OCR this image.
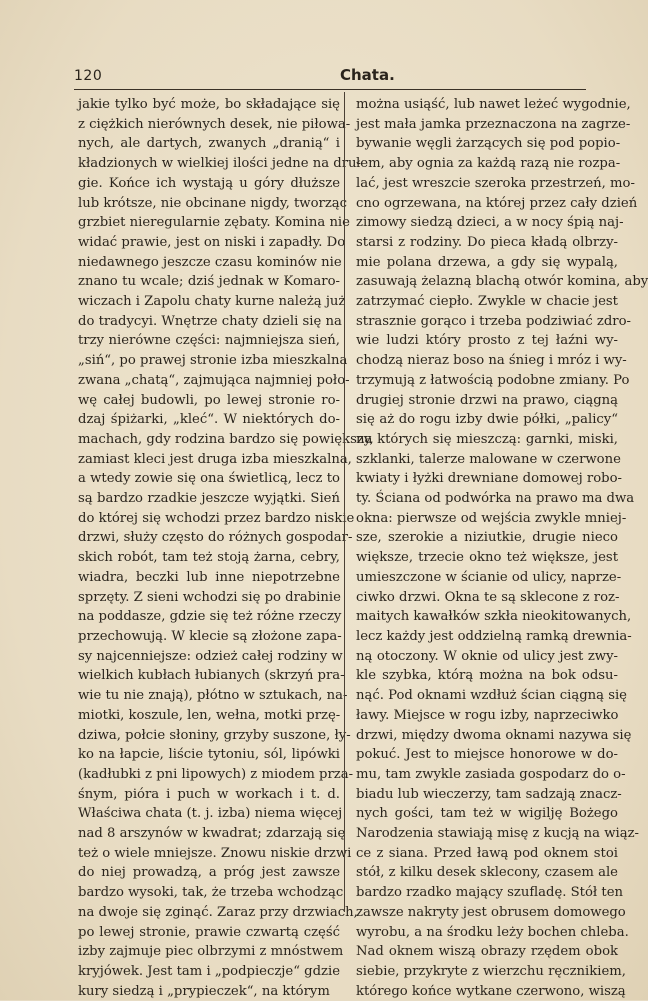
120	Chata.
jakie tylko być może, bo składające się
z ciężkich nierównych desek, nie piłowa-
nych, ale dartych, zwanych „dranią“ i
kładzionych w wielkiej ilości jedne na dru-
gie. Końce ich wystają u góry dłuższe
lub krótsze, nie obcinane nigdy, tworząc
grzbiet nieregularnie zębaty. Komina nie
widać prawie, jest on niski i zapadły. Do
niedawnego jeszcze czasu kominów nie
znano tu wcale; dziś jednak w Komaro-
wiczach i Zapolu chaty kurne należą już
do tradycyi. Wnętrze chaty dzieli się na
trzy nierówne części: najmniejsza sień,
„siń“, po prawej stronie izba mieszkalna
zwana „chatą“, zajmująca najmniej poło-
wę całej budowli, po lewej stronie ro-
dzaj śpiżarki, „kleć“. W niektórych do-
machach, gdy rodzina bardzo się powiększy,
zamiast kleci jest druga izba mieszkalna,
a wtedy zowie się ona świetlicą, lecz to
są bardzo rzadkie jeszcze wyjątki. Sień
do której się wchodzi przez bardzo niskie
drzwi, służy często do różnych gospodar-
skich robót, tam też stoją żarna, cebry,
wiadra, beczki lub inne niepotrzebne
sprzęty. Z sieni wchodzi się po drabinie
na poddasze, gdzie się też różne rzeczy
przechowują. W klecie są złożone zapa-
sy najcenniejsze: odzież całej rodziny w
wielkich kubłach łubianych (skrzyń pra-
wie tu nie znają), płótno w sztukach, na-
miotki, koszule, len, wełna, motki przę-
dziwa, połcie słoniny, grzyby suszone, ły-
ko na łapcie, liście tytoniu, sól, lipówki
(kadłubki z pni lipowych) z miodem prza-
śnym, pióra i puch w workach i t. d.
Właściwa chata (t. j. izba) niema więcej
nad 8 arszynów w kwadrat; zdarzają się
też o wiele mniejsze. Znowu niskie drzwi
do niej prowadzą, a próg jest zawsze
bardzo wysoki, tak, że trzeba wchodząc
na dwoje się zginąć. Zaraz przy drzwiach,
po lewej stronie, prawie czwartą część
izby zajmuje piec olbrzymi z mnóstwem
kryjówek. Jest tam i „podpieczje“ gdzie
kury siedzą i „prypieczek“, na którym
można usiąść, lub nawet leżeć wygodnie,
jest mała jamka przeznaczona na zagrze-
bywanie węgli żarzących się pod popio-
łem, aby ognia za każdą razą nie rozpa-
lać, jest wreszcie szeroka przestrzeń, mo-
cno ogrzewana, na której przez cały dzień
zimowy siedzą dzieci, a w nocy śpią naj-
starsi z rodziny. Do pieca kładą olbrzy-
mie polana drzewa, a gdy się wypalą,
zasuwają żelazną blachą otwór komina, aby
zatrzymać ciepło. Zwykle w chacie jest
strasznie gorąco i trzeba podziwiać zdro-
wie ludzi który prosto z tej łaźni wy-
chodzą nieraz boso na śnieg i mróz i wy-
trzymują z łatwością podobne zmiany. Po
drugiej stronie drzwi na prawo, ciągną
się aż do rogu izby dwie półki, „palicy“
na których się mieszczą: garnki, miski,
szklanki, talerze malowane w czerwone
kwiaty i łyżki drewniane domowej robo-
ty. Ściana od podwórka na prawo ma dwa
okna: pierwsze od wejścia zwykle mniej-
sze, szerokie a niziutkie, drugie nieco
większe, trzecie okno też większe, jest
umieszczone w ścianie od ulicy, naprze-
ciwko drzwi. Okna te są sklecone z roz-
maitych kawałków szkła nieokitowanych,
lecz każdy jest oddzielną ramką drewnia-
ną otoczony. W oknie od ulicy jest zwy-
kle szybka, którą można na bok odsu-
nąć. Pod oknami wzdłuż ścian ciągną się
ławy. Miejsce w rogu izby, naprzeciwko
drzwi, między dwoma oknami nazywa się
pokuć. Jest to miejsce honorowe w do-
mu, tam zwykle zasiada gospodarz do o-
biadu lub wieczerzy, tam sadzają znacz-
nych gości, tam też w wigilję Bożego
Narodzenia stawiają misę z kucją na wiąz-
ce z siana. Przed ławą pod oknem stoi
stół, z kilku desek sklecony, czasem ale
bardzo rzadko mający szufladę. Stół ten
zawsze nakryty jest obrusem domowego
wyrobu, a na środku leży bochen chleba.
Nad oknem wiszą obrazy rzędem obok
siebie, przykryte z wierzchu ręcznikiem,
którego końce wytkane czerwono, wiszą
